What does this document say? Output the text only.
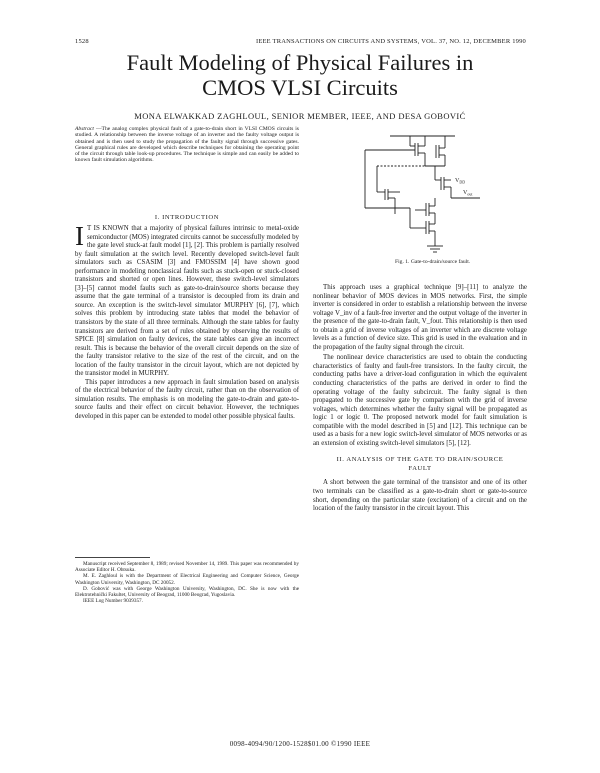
1528	IEEE TRANSACTIONS ON CIRCUITS AND SYSTEMS, VOL. 37, NO. 12, DECEMBER 1990
Fault Modeling of Physical Failures in
CMOS VLSI Circuits
MONA ELWAKKAD ZAGHLOUL, SENIOR MEMBER, IEEE, AND DESA GOBOVIĆ
Abstract —The analog complex physical fault of a gate-to-drain short in VLSI CMOS circuits is studied. A relationship between the inverse voltage of an inverter and the faulty voltage output is obtained and is then used to study the propagation of the faulty signal through successive gates. General graphical rules are developed which describe techniques for obtaining the operating point of the circuit through table look-up procedures. The technique is simple and can easily be added to known fault simulation algorithms.
I. INTRODUCTION

I T IS KNOWN that a majority of physical failures intrinsic to metal-oxide semiconductor (MOS) integrated circuits cannot be successfully modeled by the gate level stuck-at fault model [1], [2]. This problem is partially resolved by fault simulation at the switch level. Recently developed switch-level fault simulators such as CSASIM [3] and FMOSSIM [4] have shown good performance in modeling nonclassical faults such as stuck-open or stuck-closed transistors and shorted or open lines. However, these switch-level simulators [3]–[5] cannot model faults such as gate-to-drain/source shorts because they assume that the gate terminal of a transistor is decoupled from its drain and source. An exception is the switch-level simulator MURPHY [6], [7], which solves this problem by introducing state tables that model the behavior of transistors by the state of all three terminals. Although the state tables for faulty transistors are derived from a set of rules obtained by observing the results of SPICE [8] simulation on faulty devices, the state tables can give an incorrect result. This is because the behavior of the overall circuit depends on the size of the faulty transistor relative to the size of the rest of the circuit, and on the location of the faulty transistor in the circuit layout, which are not depicted by the transistor model in MURPHY.

This paper introduces a new approach in fault simulation based on analysis of the electrical behavior of the faulty circuit, rather than on the observation of simulation results. The emphasis is on modeling the gate-to-drain and gate-to-source faults and their effect on circuit behavior. However, the techniques developed in this paper can be extended to model other possible physical faults.

Manuscript received September 8, 1989; revised November 14, 1989. This paper was recommended by Associate Editor H. Ohtsuka.
M. E. Zaghloul is with the Department of Electrical Engineering and Computer Science, George Washington University, Washington, DC 20052.
D. Gobović was with George Washington University, Washington, DC. She is now with the Elektrotehnički Fakultet, University of Beograd, 11000 Beograd, Yugoslavia.
IEEE Log Number 9039357.
$V_{DD}$
$V_{out}$
Fig. 1. Gate-to-drain/source fault.

This approach uses a graphical technique [9]–[11] to analyze the nonlinear behavior of MOS devices in MOS networks. First, the simple inverter is considered in order to establish a relationship between the inverse voltage V_inv of a fault-free inverter and the output voltage of the inverter in the presence of the gate-to-drain fault, V_fout. This relationship is then used to obtain a grid of inverse voltages of an inverter which are discrete voltage levels as a function of device size. This grid is used in the evaluation and in the propagation of the faulty signal through the circuit.

The nonlinear device characteristics are used to obtain the conducting characteristics of faulty and fault-free transistors. In the faulty circuit, the conducting paths have a driver-load configuration in which the equivalent conducting characteristics of the paths are derived in order to find the operating voltage of the faulty subcircuit. The faulty signal is then propagated to the successive gate by comparison with the grid of inverse voltages, which determines whether the faulty signal will be propagated as logic 1 or logic 0. The proposed network model for fault simulation is compatible with the model described in [5] and [12]. This technique can be used as a basis for a new logic switch-level simulator of MOS networks or as an extension of existing switch-level simulators [5], [12].

II. ANALYSIS OF THE GATE TO DRAIN/SOURCE
FAULT

A short between the gate terminal of the transistor and one of its other two terminals can be classified as a gate-to-drain short or gate-to-source short, depending on the particular state (excitation) of a circuit and on the location of the faulty transistor in the circuit layout. This

0098-4094/90/1200-1528$01.00 ©1990 IEEE
